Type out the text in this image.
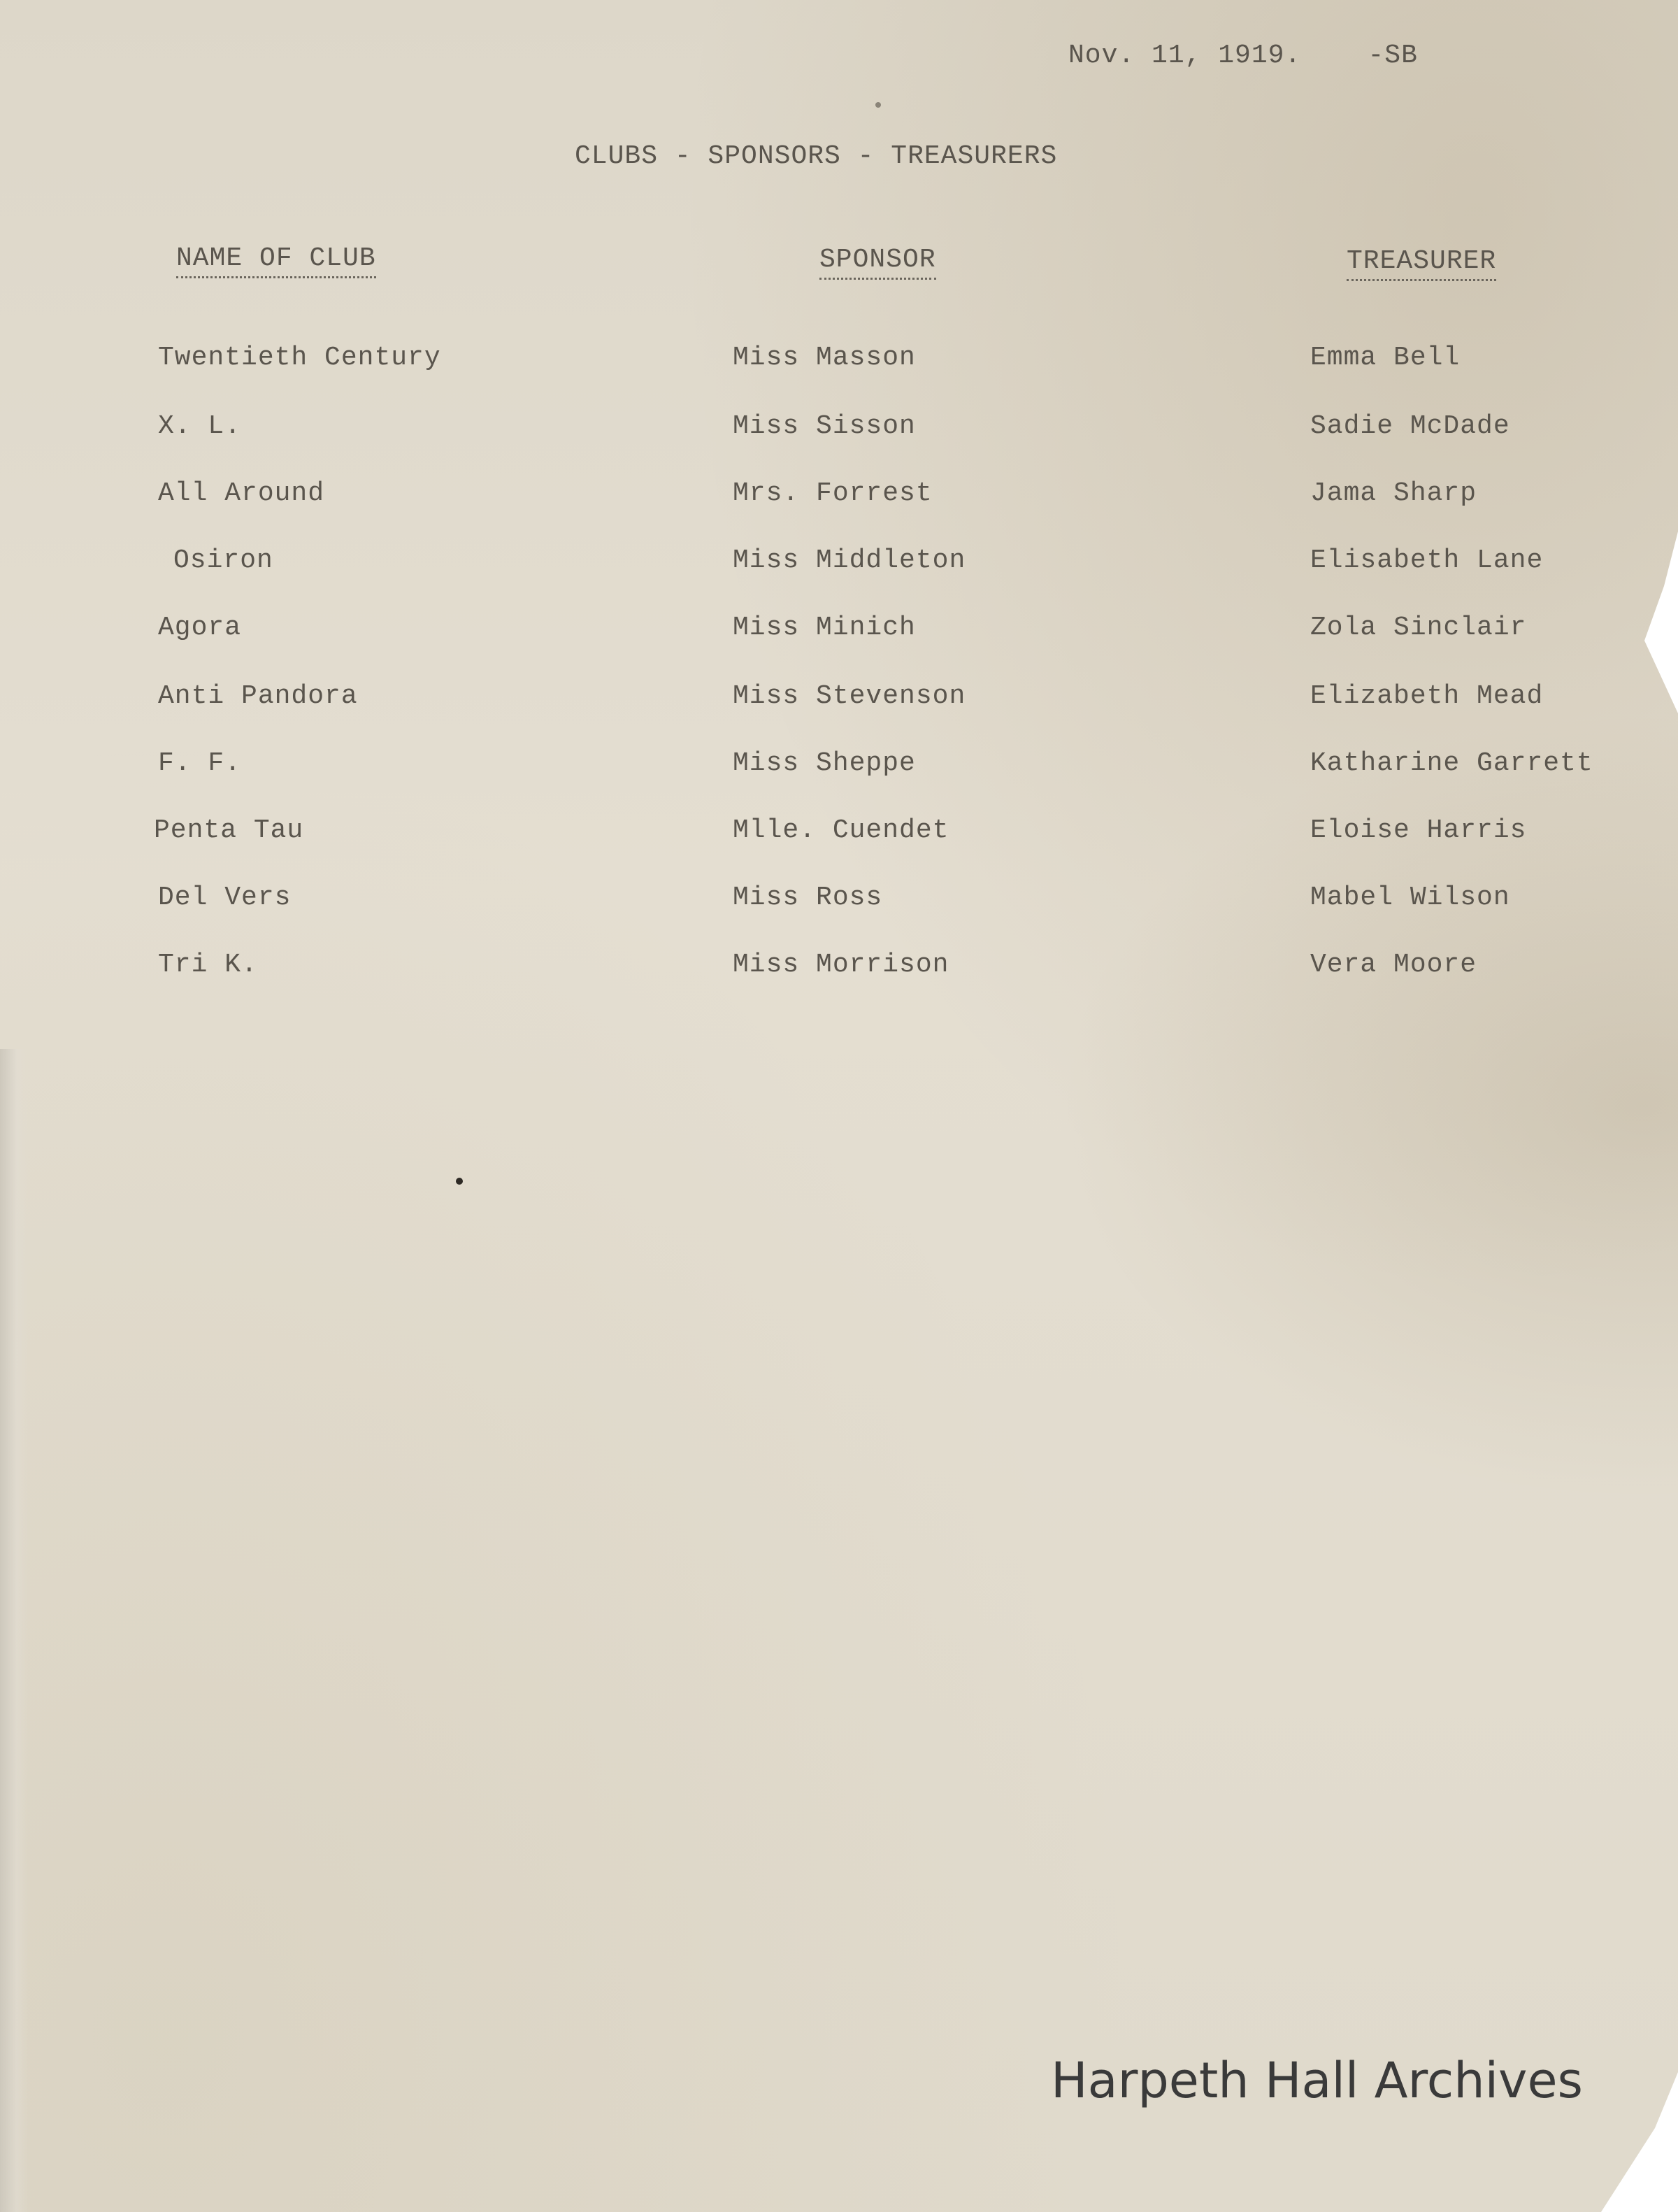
Nov. 11, 1919.    -SB

CLUBS - SPONSORS - TREASURERS

NAME OF CLUB	SPONSOR	TREASURER
Twentieth Century	Miss Masson	Emma Bell
X. L.	Miss Sisson	Sadie McDade
All Around	Mrs. Forrest	Jama Sharp
Osiron	Miss Middleton	Elisabeth Lane
Agora	Miss Minich	Zola Sinclair
Anti Pandora	Miss Stevenson	Elizabeth Mead
F. F.	Miss Sheppe	Katharine Garrett
Penta Tau	Mlle. Cuendet	Eloise Harris
Del Vers	Miss Ross	Mabel Wilson
Tri K.	Miss Morrison	Vera Moore
Harpeth Hall Archives
